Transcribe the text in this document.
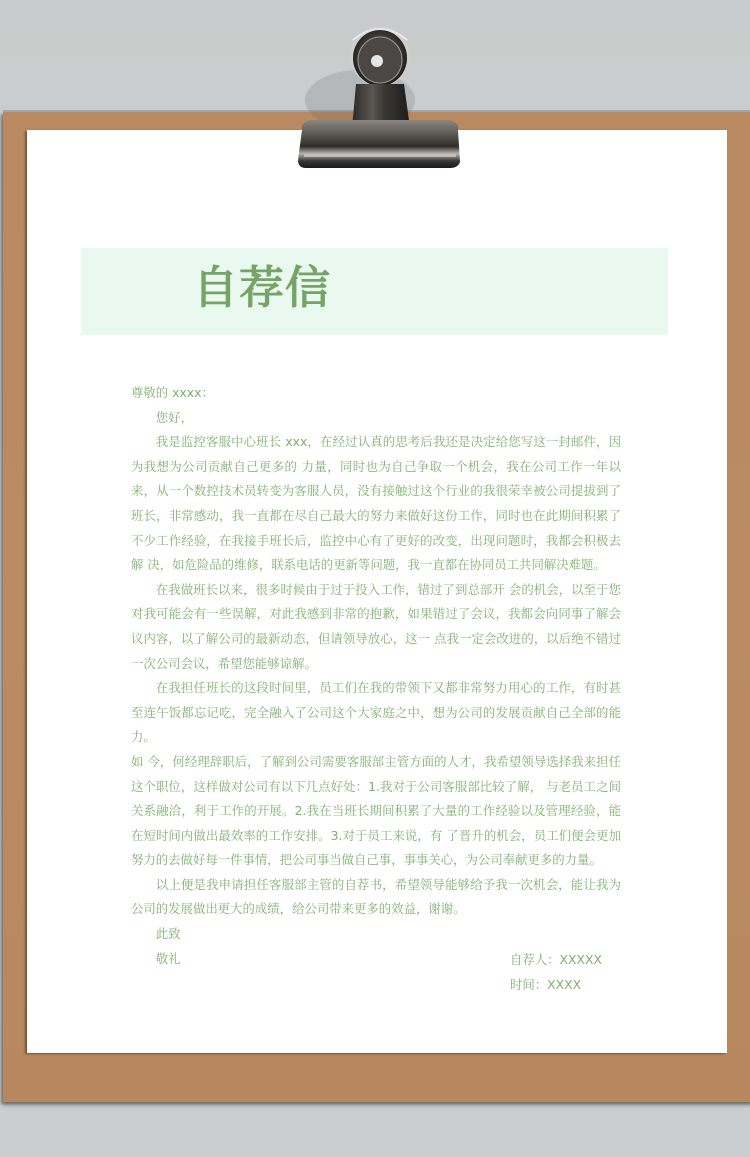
自荐信

尊敬的 xxxx：

您好，

我是监控客服中心班长 xxx，在经过认真的思考后我还是决定给您写这一封邮件，因为我想为公司贡献自己更多的 力量，同时也为自己争取一个机会，我在公司工作一年以来，从一个数控技术员转变为客服人员，没有接触过这个行业的我很荣幸被公司提拔到了班长，非常感动，我一直都在尽自己最大的努力来做好这份工作，同时也在此期间积累了不少工作经验，在我接手班长后，监控中心有了更好的改变，出现问题时，我都会积极去解 决，如危险品的维修，联系电话的更新等问题，我一直都在协同员工共同解决难题。

在我做班长以来，很多时候由于过于投入工作，错过了到总部开 会的机会，以至于您对我可能会有一些误解，对此我感到非常的抱歉，如果错过了会议，我都会向同事了解会议内容，以了解公司的最新动态，但请领导放心，这一 点我一定会改进的，以后绝不错过一次公司会议，希望您能够谅解。

在我担任班长的这段时间里，员工们在我的带领下又都非常努力用心的工作，有时甚至连午饭都忘记吃，完全融入了公司这个大家庭之中，想为公司的发展贡献自己全部的能力。

如 今，何经理辞职后，了解到公司需要客服部主管方面的人才，我希望领导选择我来担任这个职位，这样做对公司有以下几点好处：1.我对于公司客服部比较了解， 与老员工之间关系融洽，利于工作的开展。2.我在当班长期间积累了大量的工作经验以及管理经验，能在短时间内做出最效率的工作安排。3.对于员工来说，有 了晋升的机会，员工们便会更加努力的去做好每一件事情，把公司事当做自己事，事事关心，为公司奉献更多的力量。

以上便是我申请担任客服部主管的自荐书，希望领导能够给予我一次机会，能让我为公司的发展做出更大的成绩，给公司带来更多的效益，谢谢。

此致

敬礼	自荐人：XXXXX
时间：XXXX
